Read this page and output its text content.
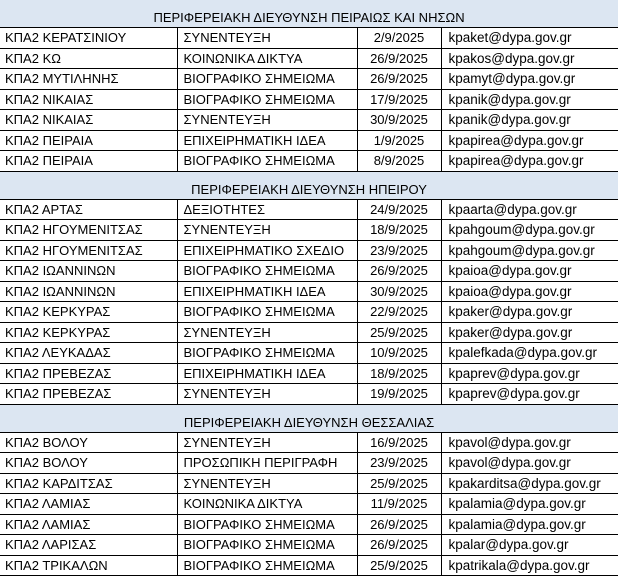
ΠΕΡΙΦΕΡΕΙΑΚΗ ΔΙΕΥΘΥΝΣΗ ΠΕΙΡΑΙΩΣ ΚΑΙ ΝΗΣΩΝ			
ΚΠΑ2 ΚΕΡΑΤΣΙΝΙΟΥ	ΣΥΝΕΝΤΕΥΞΗ	2/9/2025	kpaket@dypa.gov.gr
ΚΠΑ2 ΚΩ	ΚΟΙΝΩΝΙΚΑ ΔΙΚΤΥΑ	26/9/2025	kpakos@dypa.gov.gr
ΚΠΑ2 ΜΥΤΙΛΗΝΗΣ	ΒΙΟΓΡΑΦΙΚΟ ΣΗΜΕΙΩΜΑ	26/9/2025	kpamyt@dypa.gov.gr
ΚΠΑ2 ΝΙΚΑΙΑΣ	ΒΙΟΓΡΑΦΙΚΟ ΣΗΜΕΙΩΜΑ	17/9/2025	kpanik@dypa.gov.gr
ΚΠΑ2 ΝΙΚΑΙΑΣ	ΣΥΝΕΝΤΕΥΞΗ	30/9/2025	kpanik@dypa.gov.gr
ΚΠΑ2 ΠΕΙΡΑΙΑ	ΕΠΙΧΕΙΡΗΜΑΤΙΚΗ ΙΔΕΑ	1/9/2025	kpapirea@dypa.gov.gr
ΚΠΑ2 ΠΕΙΡΑΙΑ	ΒΙΟΓΡΑΦΙΚΟ ΣΗΜΕΙΩΜΑ	8/9/2025	kpapirea@dypa.gov.gr
ΠΕΡΙΦΕΡΕΙΑΚΗ ΔΙΕΥΘΥΝΣΗ ΗΠΕΙΡΟΥ			
ΚΠΑ2 ΑΡΤΑΣ	ΔΕΞΙΟΤΗΤΕΣ	24/9/2025	kpaarta@dypa.gov.gr
ΚΠΑ2 ΗΓΟΥΜΕΝΙΤΣΑΣ	ΣΥΝΕΝΤΕΥΞΗ	18/9/2025	kpahgoum@dypa.gov.gr
ΚΠΑ2 ΗΓΟΥΜΕΝΙΤΣΑΣ	ΕΠΙΧΕΙΡΗΜΑΤΙΚΟ ΣΧΕΔΙΟ	23/9/2025	kpahgoum@dypa.gov.gr
ΚΠΑ2 ΙΩΑΝΝΙΝΩΝ	ΒΙΟΓΡΑΦΙΚΟ ΣΗΜΕΙΩΜΑ	26/9/2025	kpaioa@dypa.gov.gr
ΚΠΑ2 ΙΩΑΝΝΙΝΩΝ	ΕΠΙΧΕΙΡΗΜΑΤΙΚΗ ΙΔΕΑ	30/9/2025	kpaioa@dypa.gov.gr
ΚΠΑ2 ΚΕΡΚΥΡΑΣ	ΒΙΟΓΡΑΦΙΚΟ ΣΗΜΕΙΩΜΑ	22/9/2025	kpaker@dypa.gov.gr
ΚΠΑ2 ΚΕΡΚΥΡΑΣ	ΣΥΝΕΝΤΕΥΞΗ	25/9/2025	kpaker@dypa.gov.gr
ΚΠΑ2 ΛΕΥΚΑΔΑΣ	ΒΙΟΓΡΑΦΙΚΟ ΣΗΜΕΙΩΜΑ	10/9/2025	kpalefkada@dypa.gov.gr
ΚΠΑ2 ΠΡΕΒΕΖΑΣ	ΕΠΙΧΕΙΡΗΜΑΤΙΚΗ ΙΔΕΑ	18/9/2025	kpaprev@dypa.gov.gr
ΚΠΑ2 ΠΡΕΒΕΖΑΣ	ΣΥΝΕΝΤΕΥΞΗ	19/9/2025	kpaprev@dypa.gov.gr
ΠΕΡΙΦΕΡΕΙΑΚΗ ΔΙΕΥΘΥΝΣΗ ΘΕΣΣΑΛΙΑΣ			
ΚΠΑ2 ΒΟΛΟΥ	ΣΥΝΕΝΤΕΥΞΗ	16/9/2025	kpavol@dypa.gov.gr
ΚΠΑ2 ΒΟΛΟΥ	ΠΡΟΣΩΠΙΚΗ ΠΕΡΙΓΡΑΦΗ	23/9/2025	kpavol@dypa.gov.gr
ΚΠΑ2 ΚΑΡΔΙΤΣΑΣ	ΣΥΝΕΝΤΕΥΞΗ	25/9/2025	kpakarditsa@dypa.gov.gr
ΚΠΑ2 ΛΑΜΙΑΣ	ΚΟΙΝΩΝΙΚΑ ΔΙΚΤΥΑ	11/9/2025	kpalamia@dypa.gov.gr
ΚΠΑ2 ΛΑΜΙΑΣ	ΒΙΟΓΡΑΦΙΚΟ ΣΗΜΕΙΩΜΑ	26/9/2025	kpalamia@dypa.gov.gr
ΚΠΑ2 ΛΑΡΙΣΑΣ	ΒΙΟΓΡΑΦΙΚΟ ΣΗΜΕΙΩΜΑ	26/9/2025	kpalar@dypa.gov.gr
ΚΠΑ2 ΤΡΙΚΑΛΩΝ	ΒΙΟΓΡΑΦΙΚΟ ΣΗΜΕΙΩΜΑ	25/9/2025	kpatrikala@dypa.gov.gr
